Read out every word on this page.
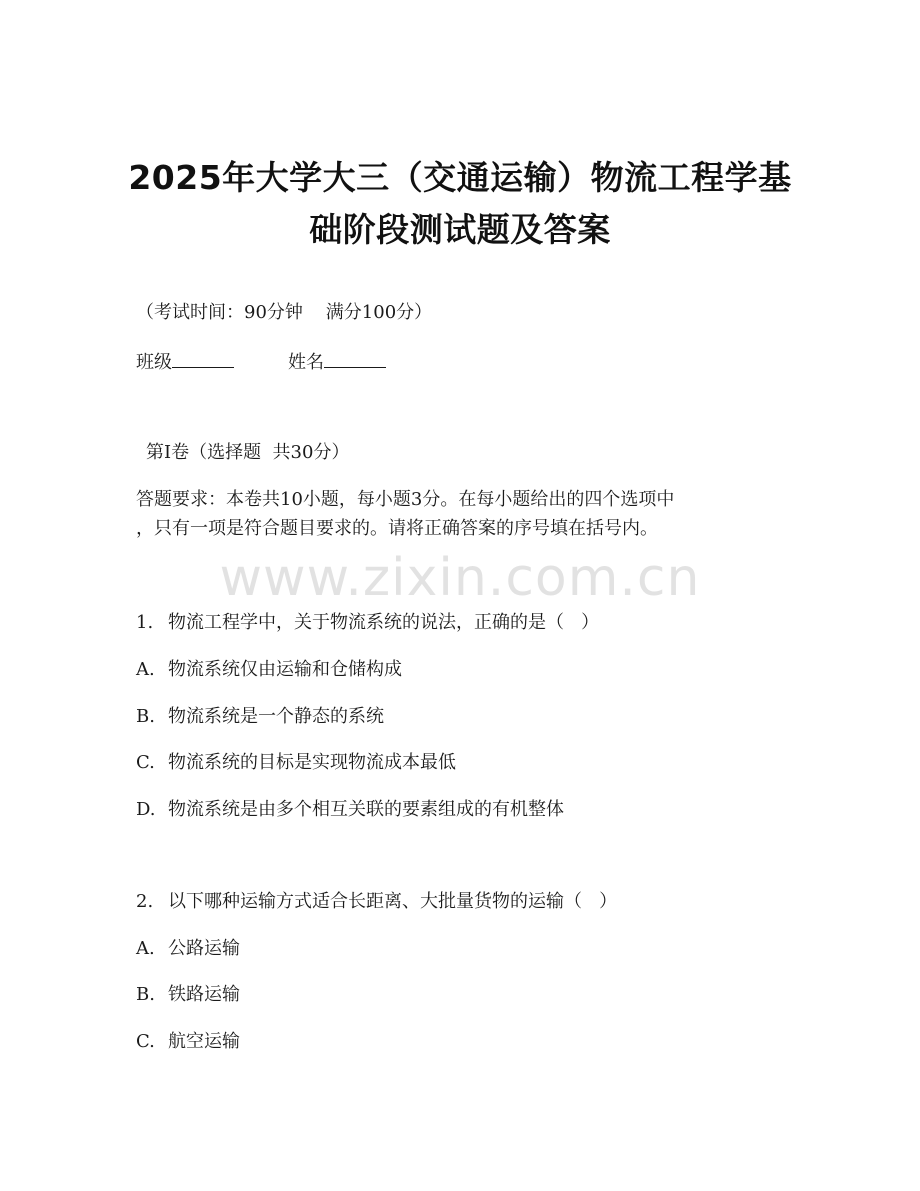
2025年大学大三（交通运输）物流工程学基
础阶段测试题及答案
（考试时间：90分钟    满分100分）
班级	姓名
第Ⅰ卷（选择题  共30分）
答题要求：本卷共10小题，每小题3分。在每小题给出的四个选项中
，只有一项是符合题目要求的。请将正确答案的序号填在括号内。
www.zixin.com.cn
1. 物流工程学中，关于物流系统的说法，正确的是（   ）
A. 物流系统仅由运输和仓储构成
B. 物流系统是一个静态的系统
C. 物流系统的目标是实现物流成本最低
D. 物流系统是由多个相互关联的要素组成的有机整体
2. 以下哪种运输方式适合长距离、大批量货物的运输（   ）
A. 公路运输
B. 铁路运输
C. 航空运输
